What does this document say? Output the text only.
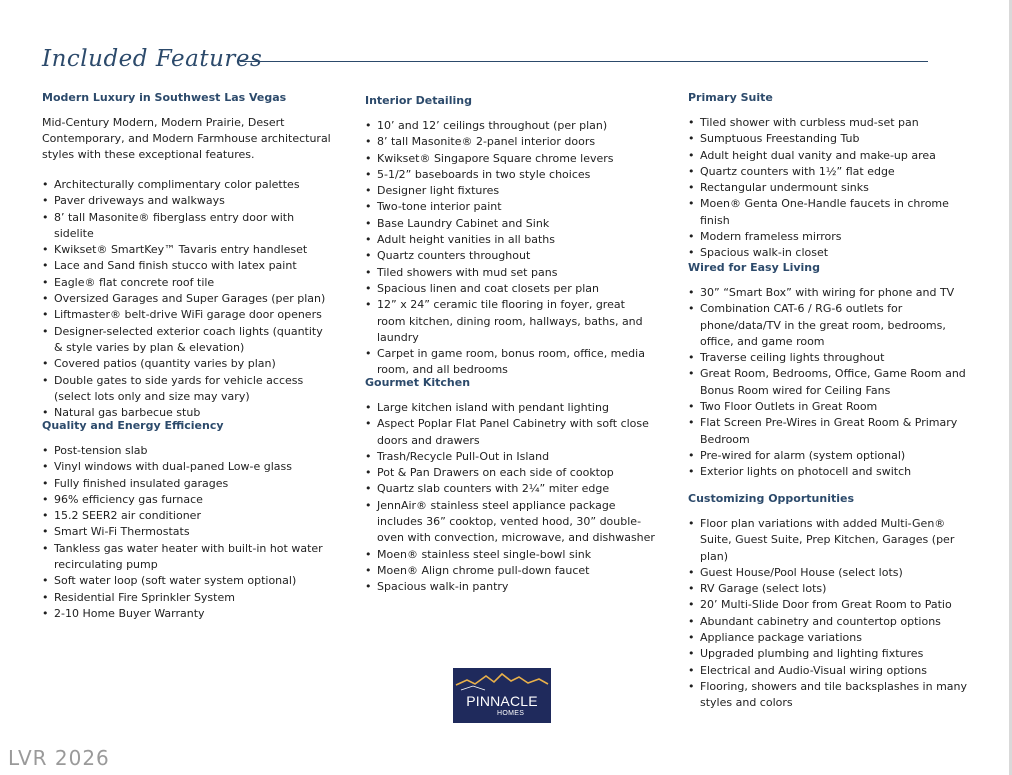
Included Features
Modern Luxury in Southwest Las Vegas

Mid-Century Modern, Modern Prairie, Desert Contemporary, and Modern Farmhouse architectural styles with these exceptional features.

• Architecturally complimentary color palettes
• Paver driveways and walkways
• 8’ tall Masonite® fiberglass entry door with sidelite
• Kwikset® SmartKey™ Tavaris entry handleset
• Lace and Sand finish stucco with latex paint
• Eagle® flat concrete roof tile
• Oversized Garages and Super Garages (per plan)
• Liftmaster® belt-drive WiFi garage door openers
• Designer-selected exterior coach lights (quantity & style varies by plan & elevation)
• Covered patios (quantity varies by plan)
• Double gates to side yards for vehicle access (select lots only and size may vary)
• Natural gas barbecue stub
Quality and Energy Efficiency
• Post-tension slab
• Vinyl windows with dual-paned Low-e glass
• Fully finished insulated garages
• 96% efficiency gas furnace
• 15.2 SEER2 air conditioner
• Smart Wi-Fi Thermostats
• Tankless gas water heater with built-in hot water recirculating pump
• Soft water loop (soft water system optional)
• Residential Fire Sprinkler System
• 2-10 Home Buyer Warranty
Interior Detailing
• 10’ and 12’ ceilings throughout (per plan)
• 8’ tall Masonite® 2-panel interior doors
• Kwikset® Singapore Square chrome levers
• 5-1/2” baseboards in two style choices
• Designer light fixtures
• Two-tone interior paint
• Base Laundry Cabinet and Sink
• Adult height vanities in all baths
• Quartz counters throughout
• Tiled showers with mud set pans
• Spacious linen and coat closets per plan
• 12” x 24” ceramic tile flooring in foyer, great room kitchen, dining room, hallways, baths, and laundry
• Carpet in game room, bonus room, office, media room, and all bedrooms
Gourmet Kitchen
• Large kitchen island with pendant lighting
• Aspect Poplar Flat Panel Cabinetry with soft close doors and drawers
• Trash/Recycle Pull-Out in Island
• Pot & Pan Drawers on each side of cooktop
• Quartz slab counters with 2¼” miter edge
• JennAir® stainless steel appliance package includes 36” cooktop, vented hood, 30” double-oven with convection, microwave, and dishwasher
• Moen® stainless steel single-bowl sink
• Moen® Align chrome pull-down faucet
• Spacious walk-in pantry
Primary Suite
• Tiled shower with curbless mud-set pan
• Sumptuous Freestanding Tub
• Adult height dual vanity and make-up area
• Quartz counters with 1½” flat edge
• Rectangular undermount sinks
• Moen® Genta One-Handle faucets in chrome finish
• Modern frameless mirrors
• Spacious walk-in closet
Wired for Easy Living
• 30” “Smart Box” with wiring for phone and TV
• Combination CAT-6 / RG-6 outlets for phone/data/TV in the great room, bedrooms, office, and game room
• Traverse ceiling lights throughout
• Great Room, Bedrooms, Office, Game Room and Bonus Room wired for Ceiling Fans
• Two Floor Outlets in Great Room
• Flat Screen Pre-Wires in Great Room & Primary Bedroom
• Pre-wired for alarm (system optional)
• Exterior lights on photocell and switch
Customizing Opportunities
• Floor plan variations with added Multi-Gen® Suite, Guest Suite, Prep Kitchen, Garages (per plan)
• Guest House/Pool House (select lots)
• RV Garage (select lots)
• 20’ Multi-Slide Door from Great Room to Patio
• Abundant cabinetry and countertop options
• Appliance package variations
• Upgraded plumbing and lighting fixtures
• Electrical and Audio-Visual wiring options
• Flooring, showers and tile backsplashes in many styles and colors
PINNACLE
HOMES
LVR 2026
